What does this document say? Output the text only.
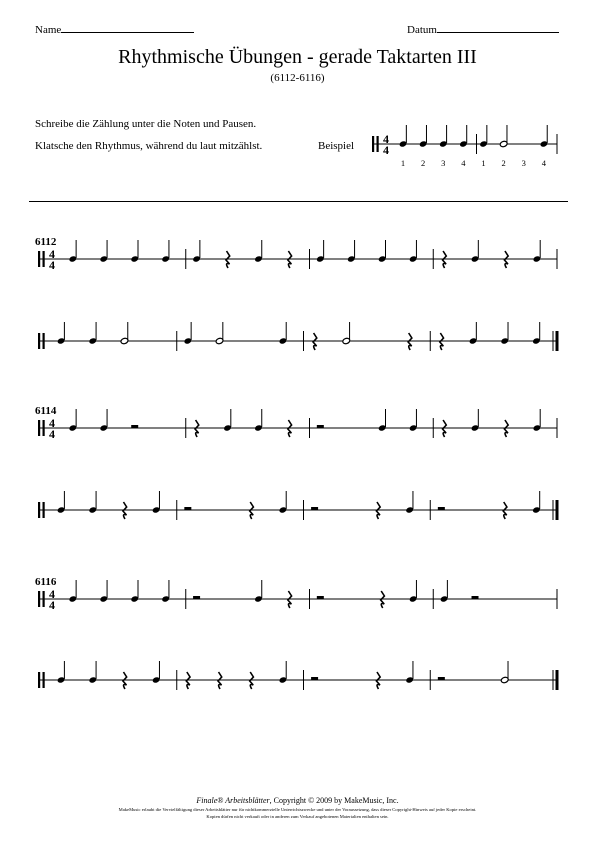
Name	Datum
Rhythmische Übungen - gerade Taktarten III
(6112-6116)
Schreibe die Zählung unter die Noten und Pausen.
Klatsche den Rhythmus, während du laut mitzählst.	Beispiel 4
4
1 2 3 4 1 2 3 4
6112
4
4
6114
4
4
6116
4
4
Finale® Arbeitsblätter, Copyright © 2009 by MakeMusic, Inc.
MakeMusic erlaubt die Vervielfältigung dieser Arbeitsblätter nur für nichtkommerzielle Unterrichtszwecke und unter der Voraussetzung, dass dieser Copyright-Hinweis auf jeder Kopie erscheint.
Kopien dürfen nicht verkauft oder in anderen zum Verkauf angebotenen Materialien enthalten sein.
